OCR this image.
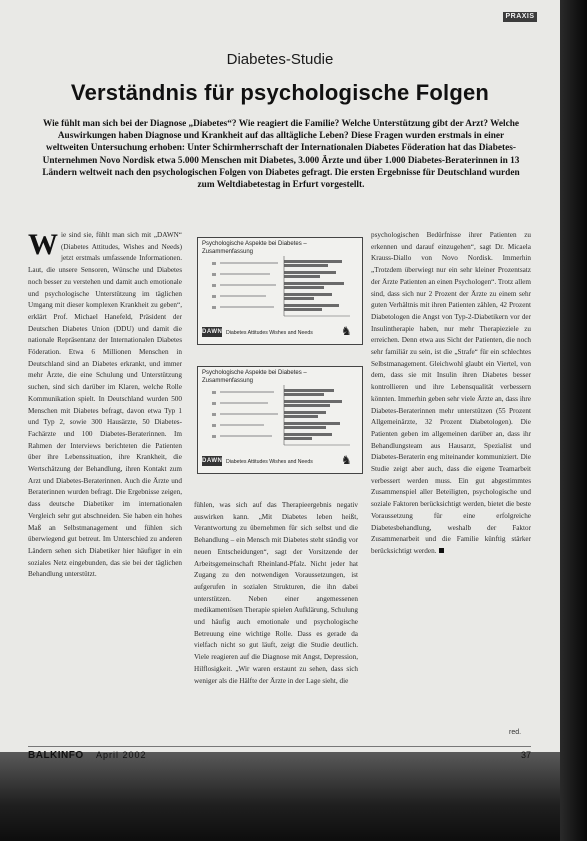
PRAXIS
Diabetes-Studie
Verständnis für psychologische Folgen
Wie fühlt man sich bei der Diagnose „Diabetes“? Wie reagiert die Familie? Welche Unterstützung gibt der Arzt? Welche Auswirkungen haben Diagnose und Krankheit auf das alltägliche Leben? Diese Fragen wurden erstmals in einer weltweiten Untersuchung erhoben: Unter Schirmherrschaft der Internationalen Diabetes Föderation hat das Diabetes-Unternehmen Novo Nordisk etwa 5.000 Menschen mit Diabetes, 3.000 Ärzte und über 1.000 Diabetes-Beraterinnen in 13 Ländern weltweit nach den psychologischen Folgen von Diabetes gefragt. Die ersten Ergebnisse für Deutschland wurden zum Weltdiabetestag in Erfurt vorgestellt.
W ie sind sie, fühlt man sich mit „DAWN“ (Diabetes Attitudes, Wishes and Needs) jetzt erstmals umfassende Informationen. Laut, die unsere Sensoren, Wünsche und Diabetes noch besser zu verstehen und damit auch emotionale und psychologische Unterstützung im täglichen Umgang mit dieser komplexen Krankheit zu geben“, erklärt Prof. Michael Hanefeld, Präsident der Deutschen Diabetes Union (DDU) und damit die nationale Repräsentanz der Internationalen Diabetes Föderation. Etwa 6 Millionen Menschen in Deutschland sind an Diabetes erkrankt, und immer mehr Ärzte, die eine Schulung und Unterstützung suchen, sind sich darüber im Klaren, welche Rolle Kommunikation spielt. In Deutschland wurden 500 Menschen mit Diabetes befragt, davon etwa Typ 1 und Typ 2, sowie 300 Hausärzte, 50 Diabetes-Fachärzte und 100 Diabetes-Beraterinnen. Im Rahmen der Interviews berichteten die Patienten über ihre Lebenssituation, ihre Krankheit, die Wertschätzung der Behandlung, ihren Kontakt zum Arzt und Diabetes-Beraterinnen. Auch die Ärzte und Beraterinnen wurden befragt. Die Ergebnisse zeigen, dass deutsche Diabetiker im internationalen Vergleich sehr gut abschneiden. Sie haben ein hohes Maß an Selbstmanagement und fühlen sich überwiegend gut betreut. Im Unterschied zu anderen Ländern sehen sich Diabetiker hier häufiger in ein soziales Netz eingebunden, das sie bei der täglichen Behandlung unterstützt.
Psychologische Aspekte bei Diabetes – Zusammenfassung
DAWN Diabetes Attitudes Wishes and Needs ♞
Psychologische Aspekte bei Diabetes – Zusammenfassung
DAWN Diabetes Attitudes Wishes and Needs ♞
fühlen, was sich auf das Therapieergebnis negativ auswirken kann. „Mit Diabetes leben heißt, Verantwortung zu übernehmen für sich selbst und die Behandlung – ein Mensch mit Diabetes steht ständig vor neuen Entscheidungen“, sagt der Vorsitzende der Arbeitsgemeinschaft Rheinland-Pfalz. Nicht jeder hat Zugang zu den notwendigen Voraussetzungen, ist aufgerufen in sozialen Strukturen, die ihn dabei unterstützen. Neben einer angemessenen medikamentösen Therapie spielen Aufklärung, Schulung und häufig auch emotionale und psychologische Betreuung eine wichtige Rolle. Dass es gerade da vielfach nicht so gut läuft, zeigt die Studie deutlich. Viele reagieren auf die Diagnose mit Angst, Depression, Hilflosigkeit. „Wir waren erstaunt zu sehen, dass sich weniger als die Hälfte der Ärzte in der Lage sieht, die
psychologischen Bedürfnisse ihrer Patienten zu erkennen und darauf einzugehen“, sagt Dr. Micaela Krauss-Diallo von Novo Nordisk. Immerhin „Trotzdem überwiegt nur ein sehr kleiner Prozentsatz der Ärzte Patienten an einen Psychologen“. Trotz allem sind, dass sich nur 2 Prozent der Ärzte zu einem sehr guten Verhältnis mit ihren Patienten zählen, 42 Prozent Diabetologen die Angst von Typ-2-Diabetikern vor der Insulintherapie haben, nur mehr Therapieziele zu erreichen. Denn etwa aus Sicht der Patienten, die noch sehr familiär zu sein, ist die „Strafe“ für ein schlechtes Selbstmanagement. Gleichwohl glaubt ein Viertel, von dem, dass sie mit Insulin ihren Diabetes besser kontrollieren und ihre Lebensqualität verbessern könnten. Immerhin geben sehr viele Ärzte an, dass ihre Diabetes-Beraterinnen mehr unterstützen (55 Prozent Allgemeinärzte, 32 Prozent Diabetologen). Die Patienten geben im allgemeinen darüber an, dass ihr Behandlungsteam aus Hausarzt, Spezialist und Diabetes-Beraterin eng miteinander kommuniziert. Die Studie zeigt aber auch, dass die eigene Teamarbeit verbessert werden muss. Ein gut abgestimmtes Zusammenspiel aller Beteiligten, psychologische und soziale Faktoren berücksichtigt werden, bietet die beste Voraussetzung für eine erfolgreiche Diabetesbehandlung, weshalb der Faktor Zusammenarbeit und die Familie künftig stärker berücksichtigt werden.
red.
BALKINFO April 2002	37
